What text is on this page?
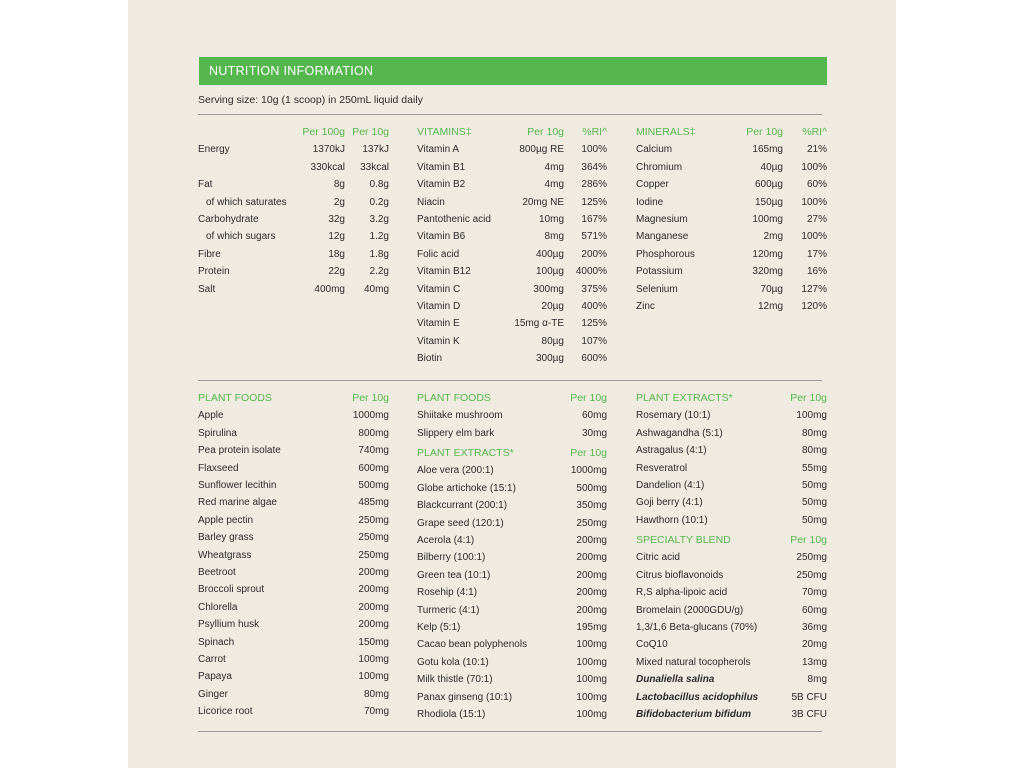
NUTRITION INFORMATION
Serving size: 10g (1 scoop) in 250mL liquid daily
Per 100g Per 10g
Energy	1370kJ 137kJ
330kcal 33kcal
Fat	8g 0.8g
of which saturates	2g 0.2g
Carbohydrate	32g 3.2g
of which sugars	12g 1.2g
Fibre	18g 1.8g
Protein	22g 2.2g
Salt	400mg 40mg
VITAMINS‡	Per 10g %RI^
Vitamin A	800µg RE 100%
Vitamin B1	4mg 364%
Vitamin B2	4mg 286%
Niacin	20mg NE 125%
Pantothenic acid	10mg 167%
Vitamin B6	8mg 571%
Folic acid	400µg 200%
Vitamin B12	100µg 4000%
Vitamin C	300mg 375%
Vitamin D	20µg 400%
Vitamin E	15mg α-TE 125%
Vitamin K	80µg 107%
Biotin	300µg 600%
MINERALS‡	Per 10g %RI^
Calcium	165mg 21%
Chromium	40µg 100%
Copper	600µg 60%
Iodine	150µg 100%
Magnesium	100mg 27%
Manganese	2mg 100%
Phosphorous	120mg 17%
Potassium	320mg 16%
Selenium	70µg 127%
Zinc	12mg 120%
PLANT FOODS	Per 10g
Apple	1000mg
Spirulina	800mg
Pea protein isolate	740mg
Flaxseed	600mg
Sunflower lecithin	500mg
Red marine algae	485mg
Apple pectin	250mg
Barley grass	250mg
Wheatgrass	250mg
Beetroot	200mg
Broccoli sprout	200mg
Chlorella	200mg
Psyllium husk	200mg
Spinach	150mg
Carrot	100mg
Papaya	100mg
Ginger	80mg
Licorice root	70mg
PLANT FOODS	Per 10g
Shiitake mushroom	60mg
Slippery elm bark	30mg
PLANT EXTRACTS*	Per 10g
Aloe vera (200:1)	1000mg
Globe artichoke (15:1)	500mg
Blackcurrant (200:1)	350mg
Grape seed (120:1)	250mg
Acerola (4:1)	200mg
Bilberry (100:1)	200mg
Green tea (10:1)	200mg
Rosehip (4:1)	200mg
Turmeric (4:1)	200mg
Kelp (5:1)	195mg
Cacao bean polyphenols	100mg
Gotu kola (10:1)	100mg
Milk thistle (70:1)	100mg
Panax ginseng (10:1)	100mg
Rhodiola (15:1)	100mg
PLANT EXTRACTS*	Per 10g
Rosemary (10:1)	100mg
Ashwagandha (5:1)	80mg
Astragalus (4:1)	80mg
Resveratrol	55mg
Dandelion (4:1)	50mg
Goji berry (4:1)	50mg
Hawthorn (10:1)	50mg
SPECIALTY BLEND	Per 10g
Citric acid	250mg
Citrus bioflavonoids	250mg
R,S alpha-lipoic acid	70mg
Bromelain (2000GDU/g)	60mg
1,3/1,6 Beta-glucans (70%)	36mg
CoQ10	20mg
Mixed natural tocopherols	13mg
Dunaliella salina	8mg
Lactobacillus acidophilus	5B CFU
Bifidobacterium bifidum	3B CFU
